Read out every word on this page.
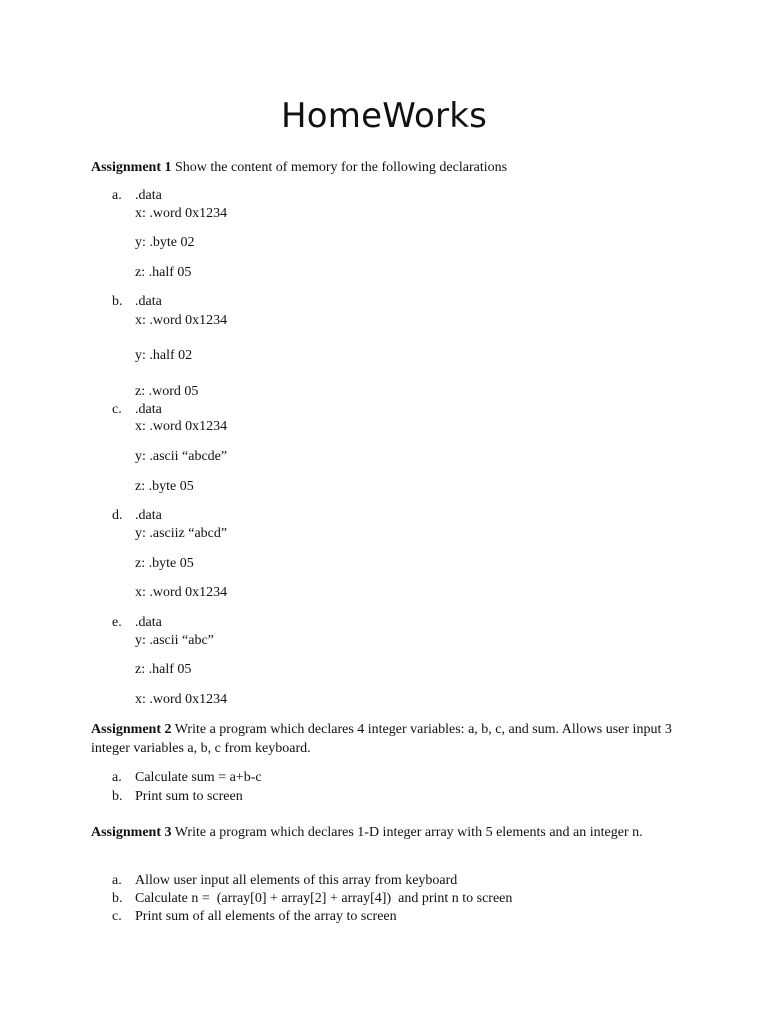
HomeWorks
Assignment 1 Show the content of memory for the following declarations
a. .data
x: .word 0x1234
y: .byte 02
z: .half 05
b. .data
x: .word 0x1234
y: .half 02
z: .word 05
c. .data
x: .word 0x1234
y: .ascii “abcde”
z: .byte 05
d. .data
y: .asciiz “abcd”
z: .byte 05
x: .word 0x1234
e. .data
y: .ascii “abc”
z: .half 05
x: .word 0x1234
Assignment 2 Write a program which declares 4 integer variables: a, b, c, and sum. Allows user input 3 integer variables a, b, c from keyboard.
a. Calculate sum = a+b-c
b. Print sum to screen
Assignment 3 Write a program which declares 1-D integer array with 5 elements and an integer n.
a. Allow user input all elements of this array from keyboard
b. Calculate n =  (array[0] + array[2] + array[4])  and print n to screen
c. Print sum of all elements of the array to screen
